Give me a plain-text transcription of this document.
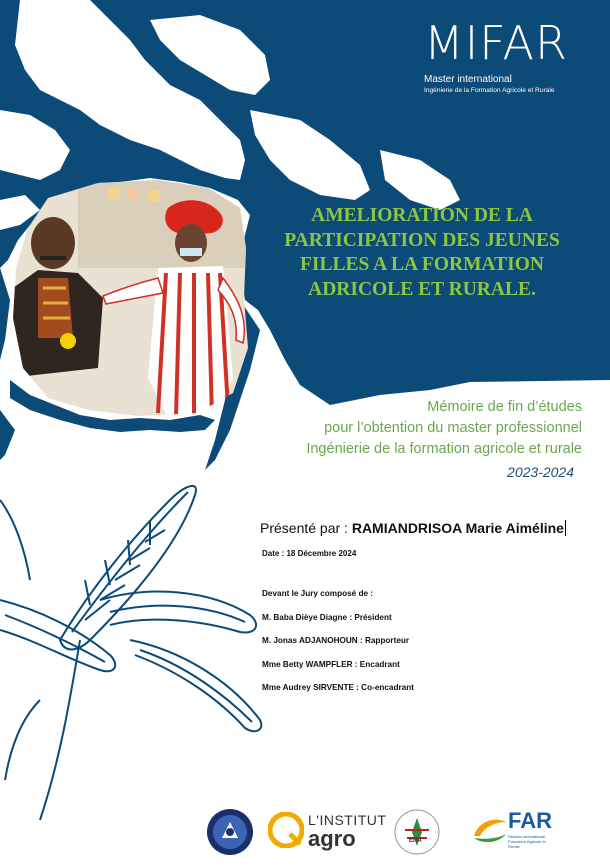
MIFAR
Master international
Ingénierie de la Formation Agricole et Rurale
AMELIORATION DE LA
PARTICIPATION DES JEUNES
FILLES A LA FORMATION
ADRICOLE ET RURALE.
Mémoire de fin d’études
pour l’obtention du master professionnel
Ingénierie de la formation agricole et rurale
2023-2024
Présenté par : RAMIANDRISOA Marie Aiméline
Date : 18 Décembre 2024
Devant le Jury composé de :
M. Baba Dièye Diagne : Président
M. Jonas ADJANOHOUN : Rapporteur
Mme Betty WAMPFLER : Encadrant
Mme Audrey SIRVENTE : Co-encadrant
L'INSTITUT
agro	ENA
FAR
Réseau International Formation Agricole et Rurale
